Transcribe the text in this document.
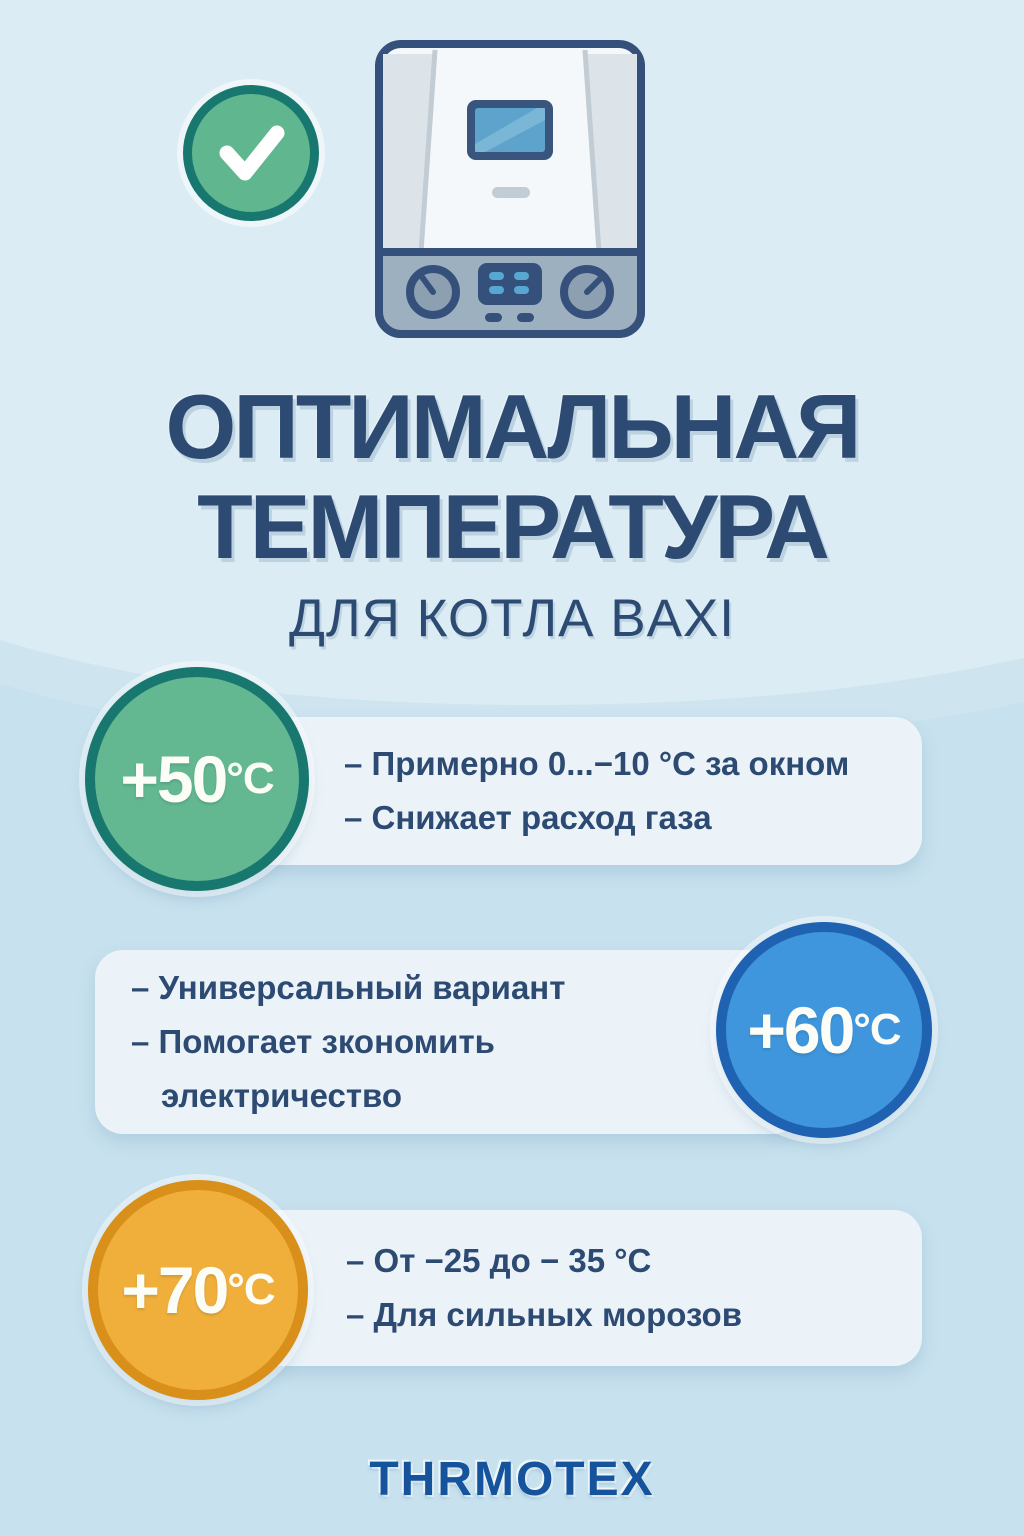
ОПТИМАЛЬНАЯ
ТЕМПЕРАТУРА
ДЛЯ КОТЛА BAXI
– Примерно 0...−10 °C за окном
– Снижает расход газа
+50 °C
– Универсальный вариант
– Помогает зкономить
электричество
+60 °C
– От −25 до − 35 °C
– Для сильных морозов
+70 °C
THRMOTEX
